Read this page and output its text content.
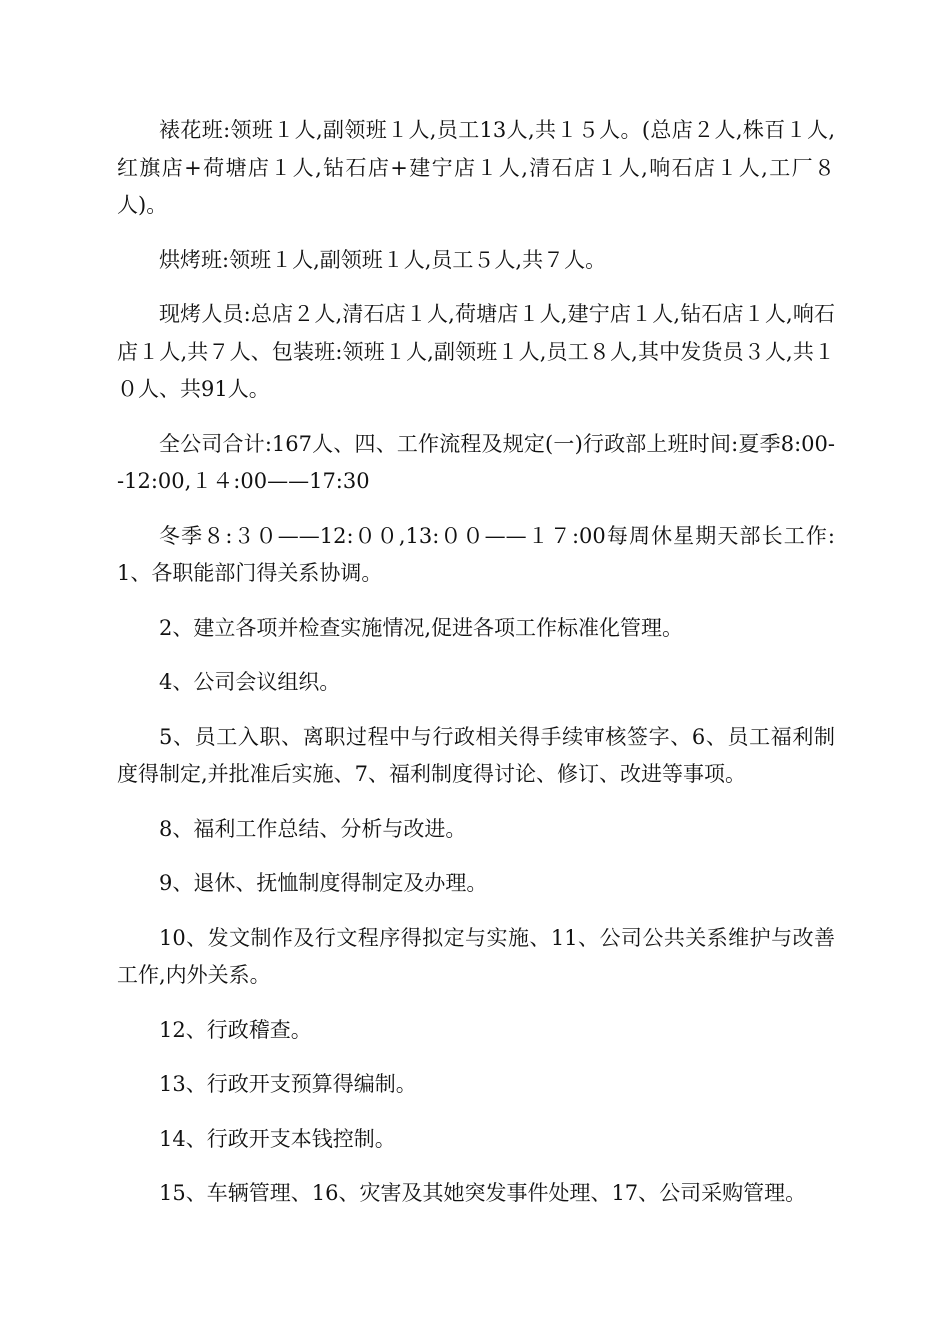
裱花班:领班１人,副领班１人,员工13人,共１５人。(总店２人,株百１人,红旗店+荷塘店１人,钻石店+建宁店１人,清石店１人,响石店１人,工厂８人)。

烘烤班:领班１人,副领班１人,员工５人,共７人。

现烤人员:总店２人,清石店１人,荷塘店１人,建宁店１人,钻石店１人,响石店１人,共７人、包装班:领班１人,副领班１人,员工８人,其中发货员３人,共１０人、共91人。

全公司合计:167人、四、工作流程及规定(一)行政部上班时间:夏季8:00--12:00,１４:00——17:30

冬季８:３０——12:００,13:００——１７:00每周休星期天部长工作:1、各职能部门得关系协调。

2、建立各项并检查实施情况,促进各项工作标准化管理。

4、公司会议组织。

5、员工入职、离职过程中与行政相关得手续审核签字、6、员工福利制度得制定,并批准后实施、7、福利制度得讨论、修订、改进等事项。

8、福利工作总结、分析与改进。

9、退休、抚恤制度得制定及办理。

10、发文制作及行文程序得拟定与实施、11、公司公共关系维护与改善工作,内外关系。

12、行政稽查。

13、行政开支预算得编制。

14、行政开支本钱控制。

15、车辆管理、16、灾害及其她突发事件处理、17、公司采购管理。
